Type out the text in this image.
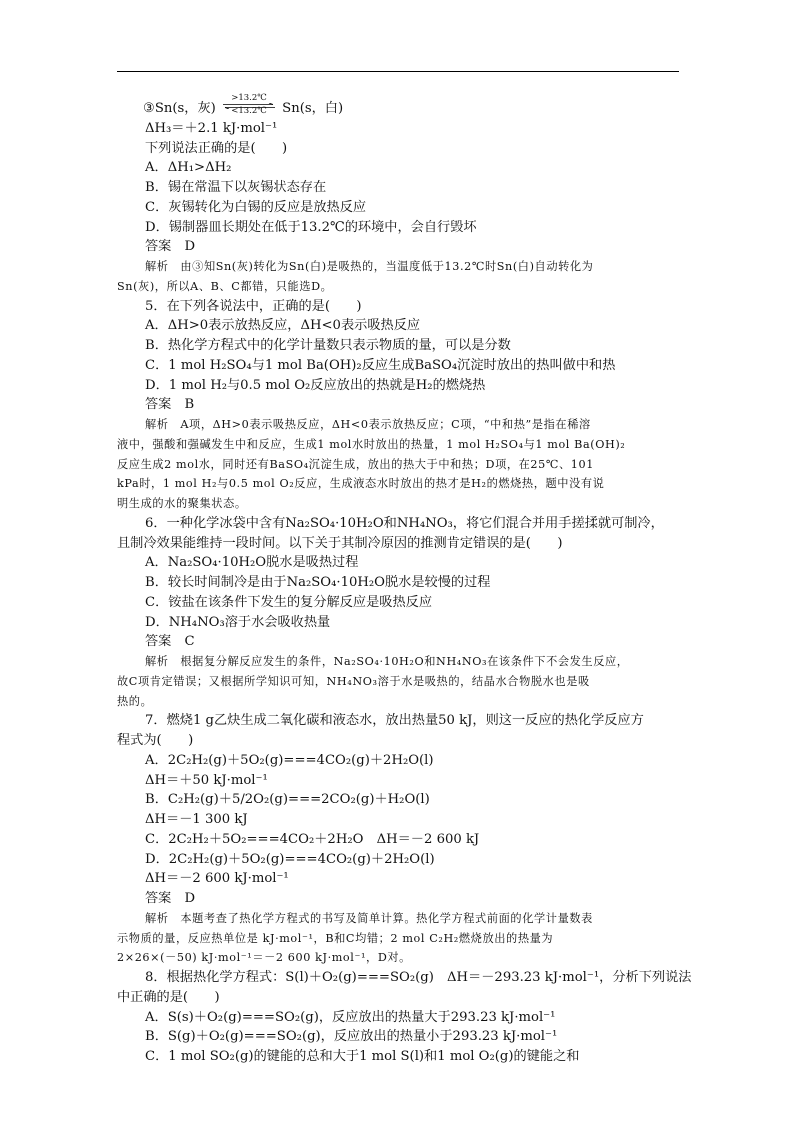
③Sn(s，灰)
>13.2℃
<13.2℃ Sn(s，白)
ΔH₃＝＋2.1 kJ·mol⁻¹
下列说法正确的是(　　)
A．ΔH₁>ΔH₂
B．锡在常温下以灰锡状态存在
C．灰锡转化为白锡的反应是放热反应
D．锡制器皿长期处在低于13.2℃的环境中，会自行毁坏
答案　D
解析　由③知Sn(灰)转化为Sn(白)是吸热的，当温度低于13.2℃时Sn(白)自动转化为
Sn(灰)，所以A、B、C都错，只能选D。
5．在下列各说法中，正确的是(　　)
A．ΔH>0表示放热反应，ΔH<0表示吸热反应
B．热化学方程式中的化学计量数只表示物质的量，可以是分数
C．1 mol H₂SO₄与1 mol Ba(OH)₂反应生成BaSO₄沉淀时放出的热叫做中和热
D．1 mol H₂与0.5 mol O₂反应放出的热就是H₂的燃烧热
答案　B
解析　A项，ΔH>0表示吸热反应，ΔH<0表示放热反应；C项，“中和热”是指在稀溶
液中，强酸和强碱发生中和反应，生成1 mol水时放出的热量，1 mol H₂SO₄与1 mol Ba(OH)₂
反应生成2 mol水，同时还有BaSO₄沉淀生成，放出的热大于中和热；D项，在25℃、101
kPa时，1 mol H₂与0.5 mol O₂反应，生成液态水时放出的热才是H₂的燃烧热，题中没有说
明生成的水的聚集状态。
6．一种化学冰袋中含有Na₂SO₄·10H₂O和NH₄NO₃，将它们混合并用手搓揉就可制冷，
且制冷效果能维持一段时间。以下关于其制冷原因的推测肯定错误的是(　　)
A．Na₂SO₄·10H₂O脱水是吸热过程
B．较长时间制冷是由于Na₂SO₄·10H₂O脱水是较慢的过程
C．铵盐在该条件下发生的复分解反应是吸热反应
D．NH₄NO₃溶于水会吸收热量
答案　C
解析　根据复分解反应发生的条件，Na₂SO₄·10H₂O和NH₄NO₃在该条件下不会发生反应，
故C项肯定错误；又根据所学知识可知，NH₄NO₃溶于水是吸热的，结晶水合物脱水也是吸
热的。
7．燃烧1 g乙炔生成二氧化碳和液态水，放出热量50 kJ，则这一反应的热化学反应方
程式为(　　)
A．2C₂H₂(g)＋5O₂(g)===4CO₂(g)＋2H₂O(l)
ΔH＝＋50 kJ·mol⁻¹
B．C₂H₂(g)＋5/2O₂(g)===2CO₂(g)＋H₂O(l)
ΔH＝－1 300 kJ
C．2C₂H₂＋5O₂===4CO₂＋2H₂O　ΔH＝－2 600 kJ
D．2C₂H₂(g)＋5O₂(g)===4CO₂(g)＋2H₂O(l)
ΔH＝－2 600 kJ·mol⁻¹
答案　D
解析　本题考查了热化学方程式的书写及简单计算。热化学方程式前面的化学计量数表
示物质的量，反应热单位是 kJ·mol⁻¹，B和C均错；2 mol C₂H₂燃烧放出的热量为
2×26×(－50) kJ·mol⁻¹＝－2 600 kJ·mol⁻¹，D对。
8．根据热化学方程式：S(l)＋O₂(g)===SO₂(g)　ΔH＝－293.23 kJ·mol⁻¹，分析下列说法
中正确的是(　　)
A．S(s)＋O₂(g)===SO₂(g)，反应放出的热量大于293.23 kJ·mol⁻¹
B．S(g)＋O₂(g)===SO₂(g)，反应放出的热量小于293.23 kJ·mol⁻¹
C．1 mol SO₂(g)的键能的总和大于1 mol S(l)和1 mol O₂(g)的键能之和
